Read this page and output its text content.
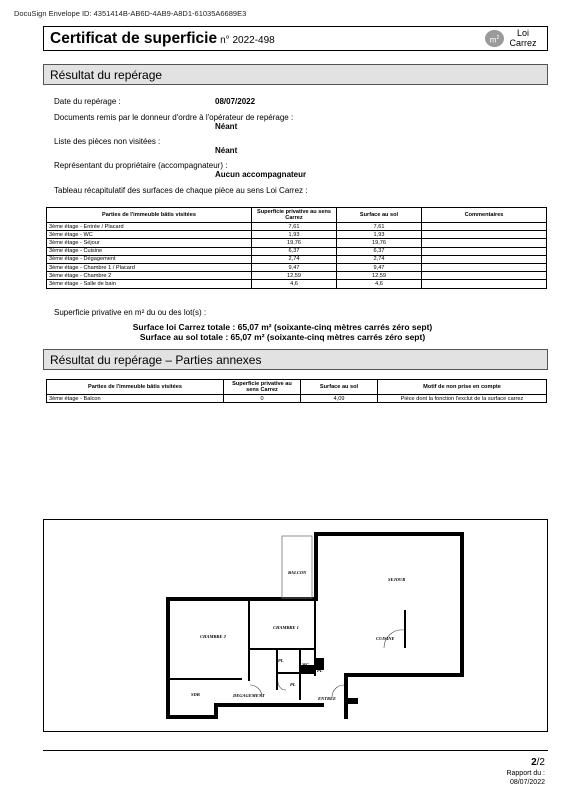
DocuSign Envelope ID: 4351414B-AB6D-4AB9-A8D1-61035A6689E3
Certificat de superficie n° 2022-498	$m^2$	Loi
Carrez
Résultat du repérage
Date du repérage :	08/07/2022
Documents remis par le donneur d'ordre à l'opérateur de repérage :
Néant
Liste des pièces non visitées :
Néant
Représentant du propriétaire (accompagnateur) :
Aucun accompagnateur
Tableau récapitulatif des surfaces de chaque pièce au sens Loi Carrez :
Parties de l'immeuble bâtis visitées	Superficie privative au sens Carrez	Surface au sol	Commentaires
3ème étage - Entrée / Placard	7,61	7,61	
3ème étage - WC	1,93	1,93	
3ème étage - Séjour	19,76	19,76	
3ème étage - Cuisine	6,37	6,37	
3ème étage - Dégagement	2,74	2,74	
3ème étage - Chambre 1 / Placard	9,47	9,47	
3ème étage - Chambre 2	12,59	12,59	
3ème étage - Salle de bain	4,6	4,6	
Superficie privative en m² du ou des lot(s) :
Surface loi Carrez totale : 65,07 m² (soixante-cinq mètres carrés zéro sept)
Surface au sol totale : 65,07 m² (soixante-cinq mètres carrés zéro sept)
Résultat du repérage – Parties annexes
Parties de l'immeuble bâtis visitées	Superficie privative au sens Carrez	Surface au sol	Motif de non prise en compte
3ème étage - Balcon	0	4,09	Pièce dont la fonction l'exclut de la surface carrez
BALCON
SEJOUR
CUISINE
CHAMBRE 2
CHAMBRE 1
PL
WC
PL
PL
SDB	DEGAGEMENT
ENTREE
2/2
Rapport du :
08/07/2022
